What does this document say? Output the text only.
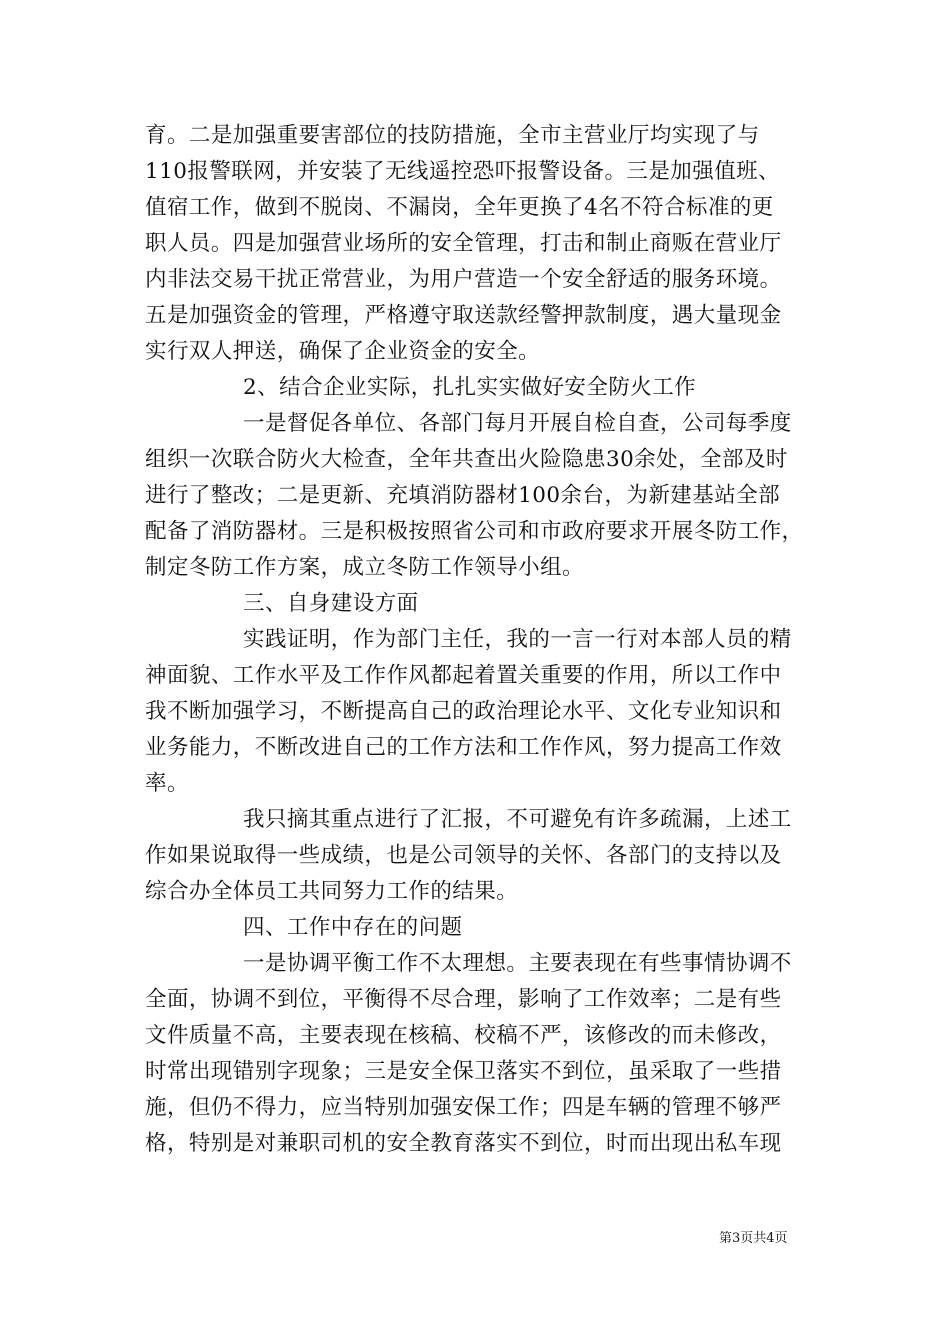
育。二是加强重要害部位的技防措施，全市主营业厅均实现了与
110报警联网，并安装了无线遥控恐吓报警设备。三是加强值班、
值宿工作，做到不脱岗、不漏岗，全年更换了4名不符合标准的更
职人员。四是加强营业场所的安全管理，打击和制止商贩在营业厅
内非法交易干扰正常营业，为用户营造一个安全舒适的服务环境。
五是加强资金的管理，严格遵守取送款经警押款制度，遇大量现金
实行双人押送，确保了企业资金的安全。
2、结合企业实际，扎扎实实做好安全防火工作
一是督促各单位、各部门每月开展自检自查，公司每季度
组织一次联合防火大检查，全年共查出火险隐患30余处，全部及时
进行了整改；二是更新、充填消防器材100余台，为新建基站全部
配备了消防器材。三是积极按照省公司和市政府要求开展冬防工作，
制定冬防工作方案，成立冬防工作领导小组。
三、自身建设方面
实践证明，作为部门主任，我的一言一行对本部人员的精
神面貌、工作水平及工作作风都起着置关重要的作用，所以工作中
我不断加强学习，不断提高自己的政治理论水平、文化专业知识和
业务能力，不断改进自己的工作方法和工作作风，努力提高工作效
率。
我只摘其重点进行了汇报，不可避免有许多疏漏，上述工
作如果说取得一些成绩，也是公司领导的关怀、各部门的支持以及
综合办全体员工共同努力工作的结果。
四、工作中存在的问题
一是协调平衡工作不太理想。主要表现在有些事情协调不
全面，协调不到位，平衡得不尽合理，影响了工作效率；二是有些
文件质量不高，主要表现在核稿、校稿不严，该修改的而未修改，
时常出现错别字现象；三是安全保卫落实不到位，虽采取了一些措
施，但仍不得力，应当特别加强安保工作；四是车辆的管理不够严
格，特别是对兼职司机的安全教育落实不到位，时而出现出私车现
第3页共4页
